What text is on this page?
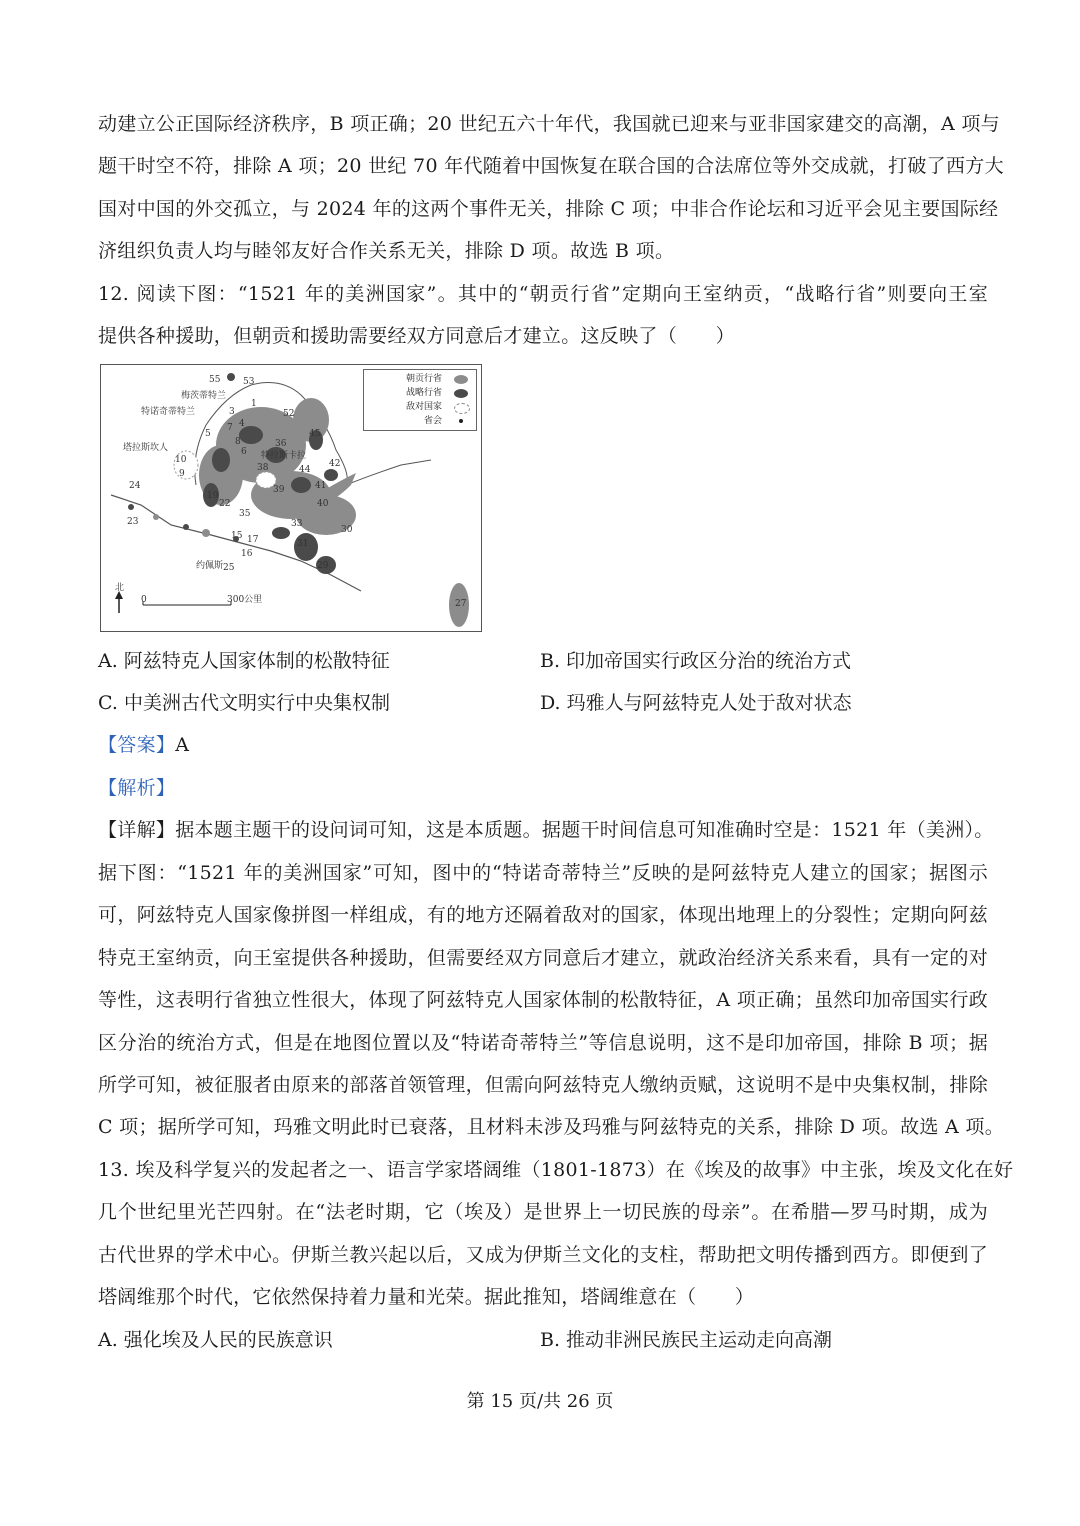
动建立公正国际经济秩序，B 项正确；20 世纪五六十年代，我国就已迎来与亚非国家建交的高潮，A 项与
题干时空不符，排除 A 项；20 世纪 70 年代随着中国恢复在联合国的合法席位等外交成就，打破了西方大
国对中国的外交孤立，与 2024 年的这两个事件无关，排除 C 项；中非合作论坛和习近平会见主要国际经
济组织负责人均与睦邻友好合作关系无关，排除 D 项。故选 B 项。
12. 阅读下图：“1521 年的美洲国家”。其中的“朝贡行省”定期向王室纳贡，“战略行省”则要向王室
提供各种援助，但朝贡和援助需要经双方同意后才建立。这反映了（　　）
梅茨蒂特兰
特诺奇蒂特兰
塔拉斯坎人
特拉斯卡拉
约佩斯
55	53
52
45
42
44
41
40
39
38
36
35
33
31
30
29
27
25
24
23
22
19
17
16
15
10
9
8
7
6
5
4
3
1
北
0	300公里
朝贡行省
战略行省
敌对国家
省会
A. 阿兹特克人国家体制的松散特征	B. 印加帝国实行政区分治的统治方式
C. 中美洲古代文明实行中央集权制	D. 玛雅人与阿兹特克人处于敌对状态
【答案】A
【解析】
【详解】据本题主题干的设问词可知，这是本质题。据题干时间信息可知准确时空是：1521 年（美洲）。
据下图：“1521 年的美洲国家”可知，图中的“特诺奇蒂特兰”反映的是阿兹特克人建立的国家；据图示
可，阿兹特克人国家像拼图一样组成，有的地方还隔着敌对的国家，体现出地理上的分裂性；定期向阿兹
特克王室纳贡，向王室提供各种援助，但需要经双方同意后才建立，就政治经济关系来看，具有一定的对
等性，这表明行省独立性很大，体现了阿兹特克人国家体制的松散特征，A 项正确；虽然印加帝国实行政
区分治的统治方式，但是在地图位置以及“特诺奇蒂特兰”等信息说明，这不是印加帝国，排除 B 项；据
所学可知，被征服者由原来的部落首领管理，但需向阿兹特克人缴纳贡赋，这说明不是中央集权制，排除
C 项；据所学可知，玛雅文明此时已衰落，且材料未涉及玛雅与阿兹特克的关系，排除 D 项。故选 A 项。
13. 埃及科学复兴的发起者之一、语言学家塔阔维（1801-1873）在《埃及的故事》中主张，埃及文化在好
几个世纪里光芒四射。在“法老时期，它（埃及）是世界上一切民族的母亲”。在希腊—罗马时期，成为
古代世界的学术中心。伊斯兰教兴起以后，又成为伊斯兰文化的支柱，帮助把文明传播到西方。即便到了
塔阔维那个时代，它依然保持着力量和光荣。据此推知，塔阔维意在（　　）
A. 强化埃及人民的民族意识	B. 推动非洲民族民主运动走向高潮
第 15 页/共 26 页
